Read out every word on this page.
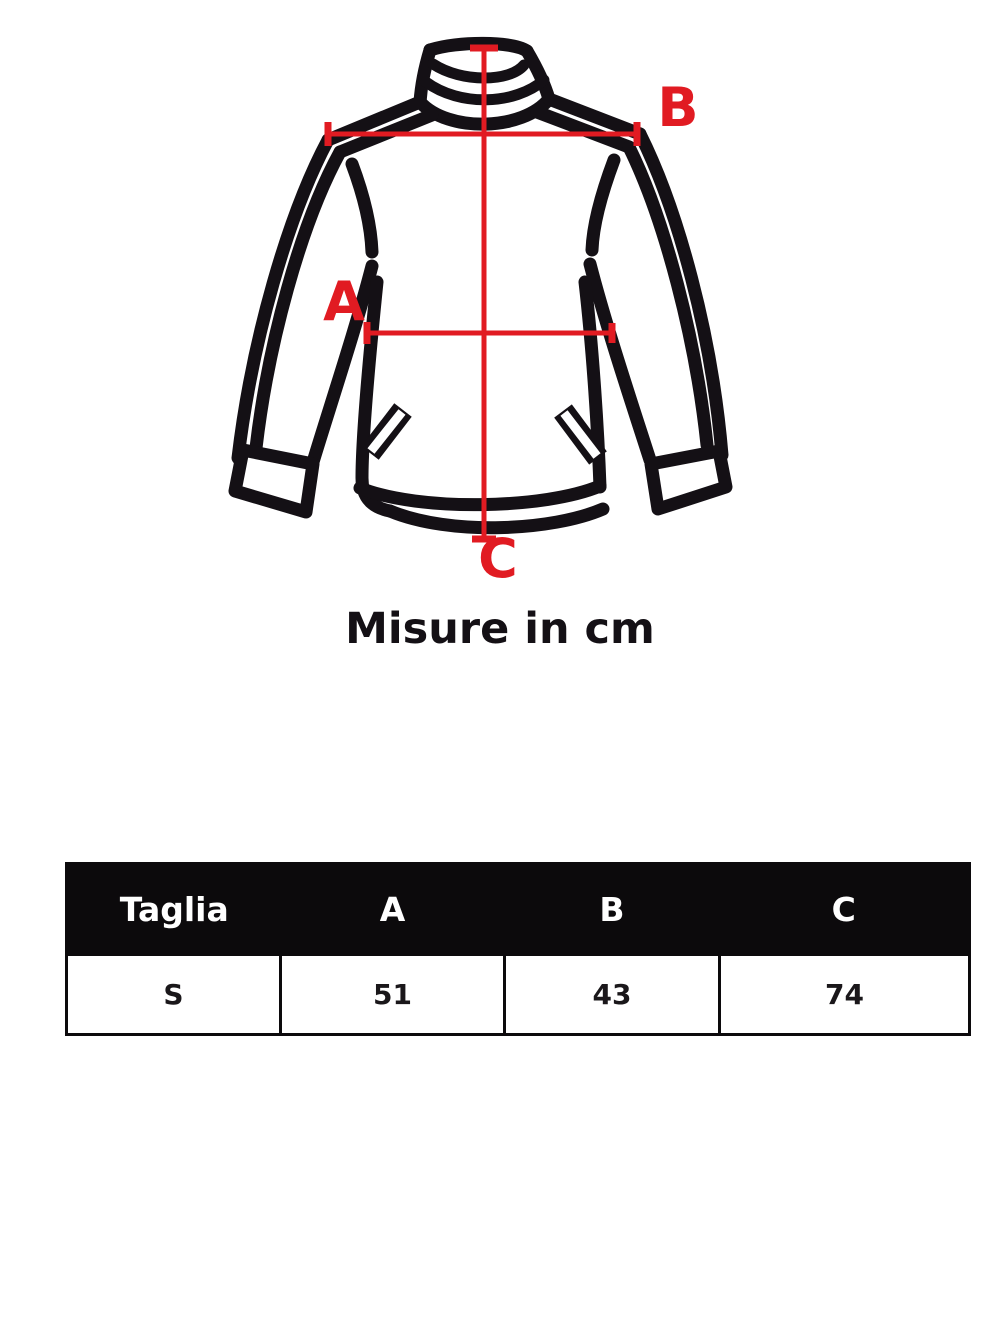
A
B
C
Misure in cm
Taglia	A	B	C
S	51	43	74
